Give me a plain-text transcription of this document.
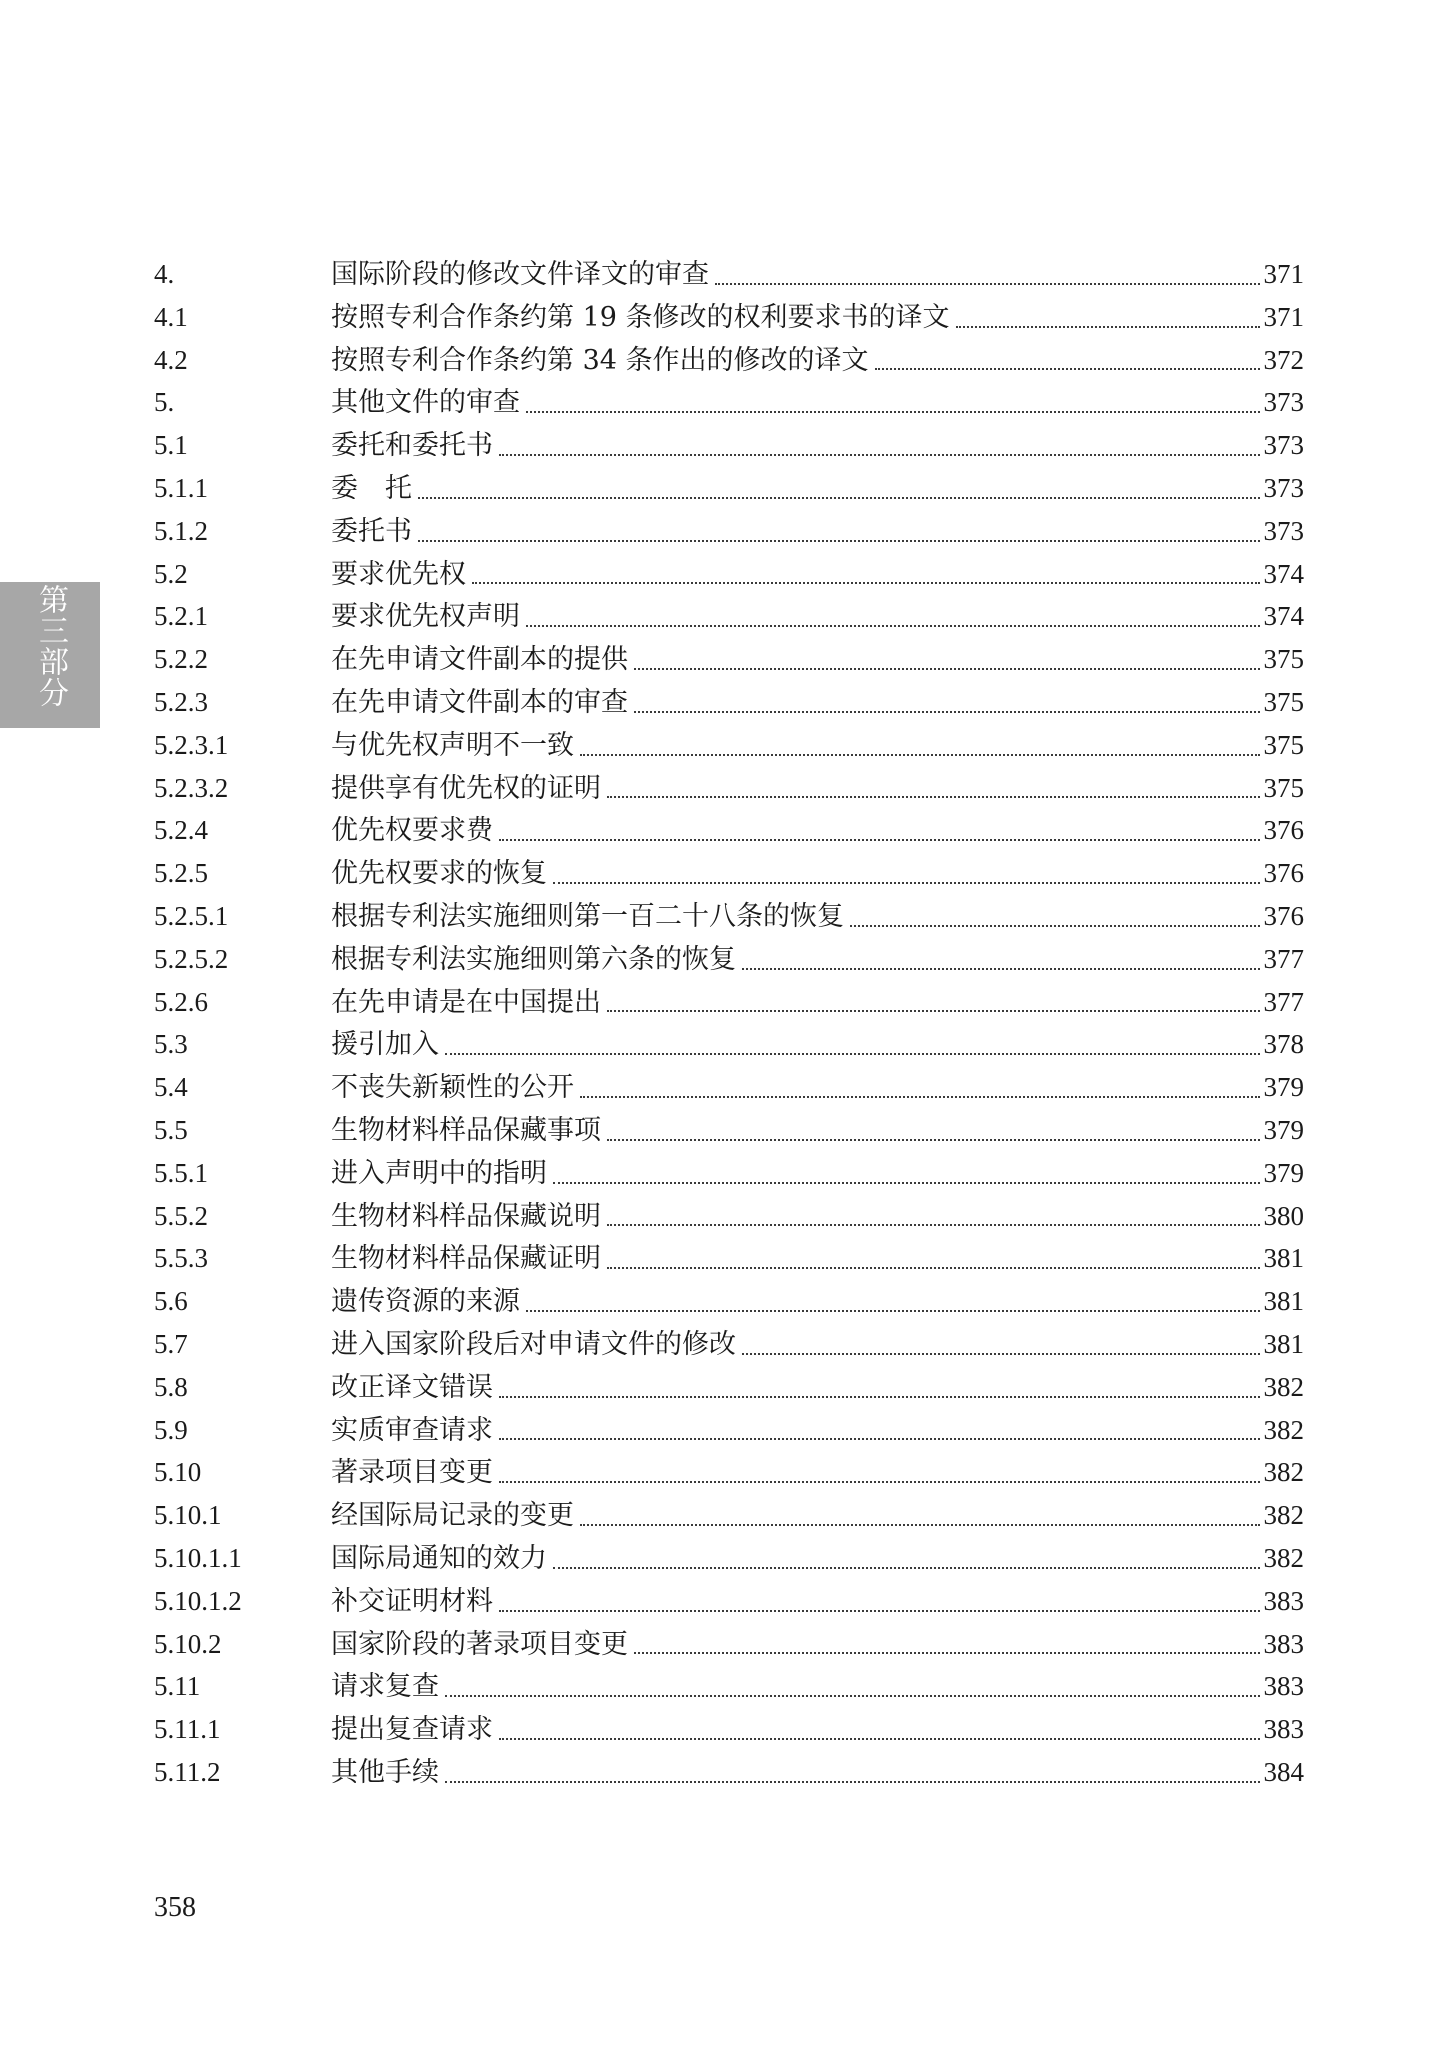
第三部分
4.	国际阶段的修改文件译文的审查	371
4.1	按照专利合作条约第 19 条修改的权利要求书的译文	371
4.2	按照专利合作条约第 34 条作出的修改的译文	372
5.	其他文件的审查	373
5.1	委托和委托书	373
5.1.1	委　托	373
5.1.2	委托书	373
5.2	要求优先权	374
5.2.1	要求优先权声明	374
5.2.2	在先申请文件副本的提供	375
5.2.3	在先申请文件副本的审查	375
5.2.3.1	与优先权声明不一致	375
5.2.3.2	提供享有优先权的证明	375
5.2.4	优先权要求费	376
5.2.5	优先权要求的恢复	376
5.2.5.1	根据专利法实施细则第一百二十八条的恢复	376
5.2.5.2	根据专利法实施细则第六条的恢复	377
5.2.6	在先申请是在中国提出	377
5.3	援引加入	378
5.4	不丧失新颖性的公开	379
5.5	生物材料样品保藏事项	379
5.5.1	进入声明中的指明	379
5.5.2	生物材料样品保藏说明	380
5.5.3	生物材料样品保藏证明	381
5.6	遗传资源的来源	381
5.7	进入国家阶段后对申请文件的修改	381
5.8	改正译文错误	382
5.9	实质审查请求	382
5.10	著录项目变更	382
5.10.1	经国际局记录的变更	382
5.10.1.1	国际局通知的效力	382
5.10.1.2	补交证明材料	383
5.10.2	国家阶段的著录项目变更	383
5.11	请求复查	383
5.11.1	提出复查请求	383
5.11.2	其他手续	384
358
